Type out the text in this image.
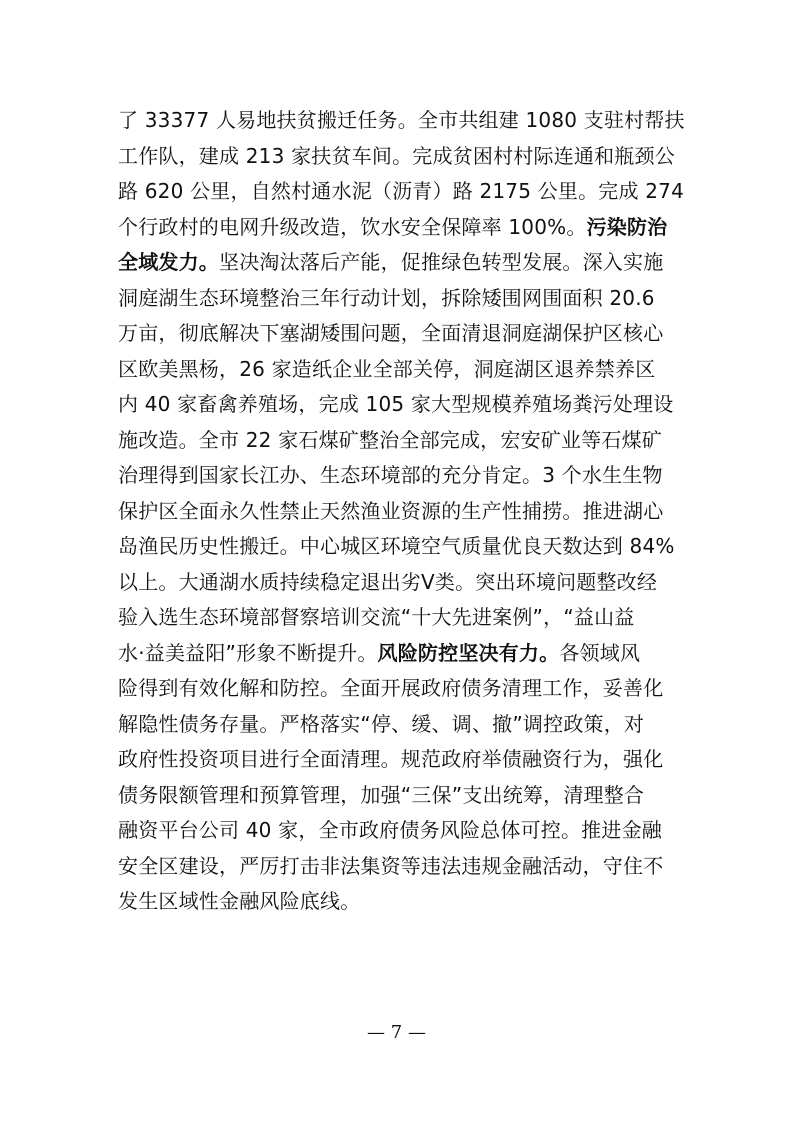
了 33377 人易地扶贫搬迁任务。全市共组建 1080 支驻村帮扶
工作队，建成 213 家扶贫车间。完成贫困村村际连通和瓶颈公
路 620 公里，自然村通水泥（沥青）路 2175 公里。完成 274
个行政村的电网升级改造，饮水安全保障率 100%。污染防治
全域发力。坚决淘汰落后产能，促推绿色转型发展。深入实施
洞庭湖生态环境整治三年行动计划，拆除矮围网围面积 20.6
万亩，彻底解决下塞湖矮围问题，全面清退洞庭湖保护区核心
区欧美黑杨，26 家造纸企业全部关停，洞庭湖区退养禁养区
内 40 家畜禽养殖场，完成 105 家大型规模养殖场粪污处理设
施改造。全市 22 家石煤矿整治全部完成，宏安矿业等石煤矿
治理得到国家长江办、生态环境部的充分肯定。3 个水生生物
保护区全面永久性禁止天然渔业资源的生产性捕捞。推进湖心
岛渔民历史性搬迁。中心城区环境空气质量优良天数达到 84%
以上。大通湖水质持续稳定退出劣Ⅴ类。突出环境问题整改经
验入选生态环境部督察培训交流“十大先进案例”，“益山益
水·益美益阳”形象不断提升。风险防控坚决有力。各领域风
险得到有效化解和防控。全面开展政府债务清理工作，妥善化
解隐性债务存量。严格落实“停、缓、调、撤”调控政策，对
政府性投资项目进行全面清理。规范政府举债融资行为，强化
债务限额管理和预算管理，加强“三保”支出统筹，清理整合
融资平台公司 40 家，全市政府债务风险总体可控。推进金融
安全区建设，严厉打击非法集资等违法违规金融活动，守住不
发生区域性金融风险底线。
— 7 —
